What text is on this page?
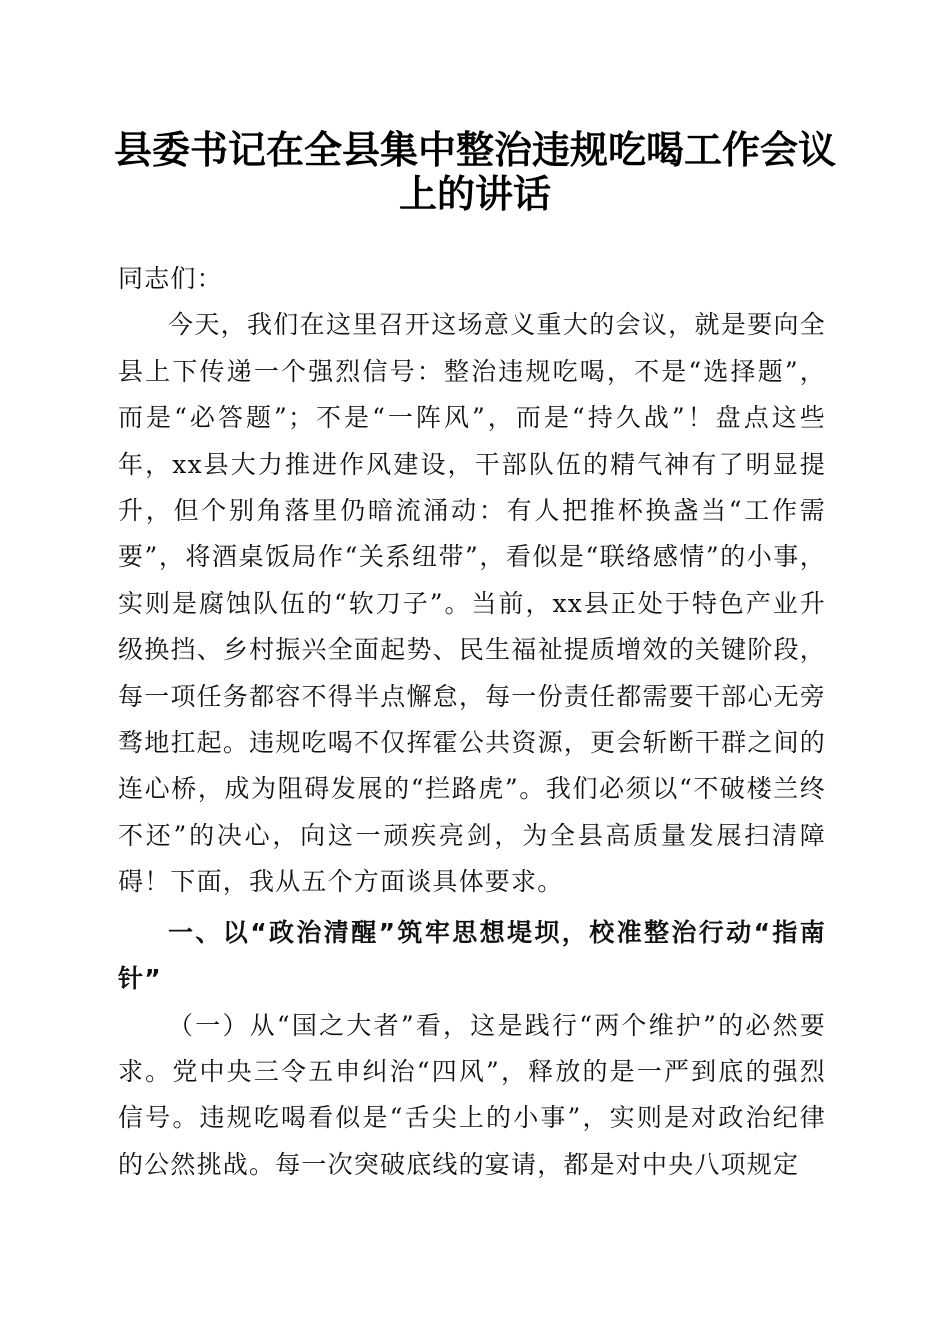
县委书记在全县集中整治违规吃喝工作会议上的讲话

同志们：

今天，我们在这里召开这场意义重大的会议，就是要向全县上下传递一个强烈信号：整治违规吃喝，不是“选择题”，而是“必答题”；不是“一阵风”，而是“持久战”！盘点这些年，xx县大力推进作风建设，干部队伍的精气神有了明显提升，但个别角落里仍暗流涌动：有人把推杯换盏当“工作需要”，将酒桌饭局作“关系纽带”，看似是“联络感情”的小事，实则是腐蚀队伍的“软刀子”。当前，xx县正处于特色产业升级换挡、乡村振兴全面起势、民生福祉提质增效的关键阶段，每一项任务都容不得半点懈怠，每一份责任都需要干部心无旁骛地扛起。违规吃喝不仅挥霍公共资源，更会斩断干群之间的连心桥，成为阻碍发展的“拦路虎”。我们必须以“不破楼兰终不还”的决心，向这一顽疾亮剑，为全县高质量发展扫清障碍！下面，我从五个方面谈具体要求。

一、以“政治清醒”筑牢思想堤坝，校准整治行动“指南针”

（一）从“国之大者”看，这是践行“两个维护”的必然要求。党中央三令五申纠治“四风”，释放的是一严到底的强烈信号。违规吃喝看似是“舌尖上的小事”，实则是对政治纪律的公然挑战。每一次突破底线的宴请，都是对中央八项规定
